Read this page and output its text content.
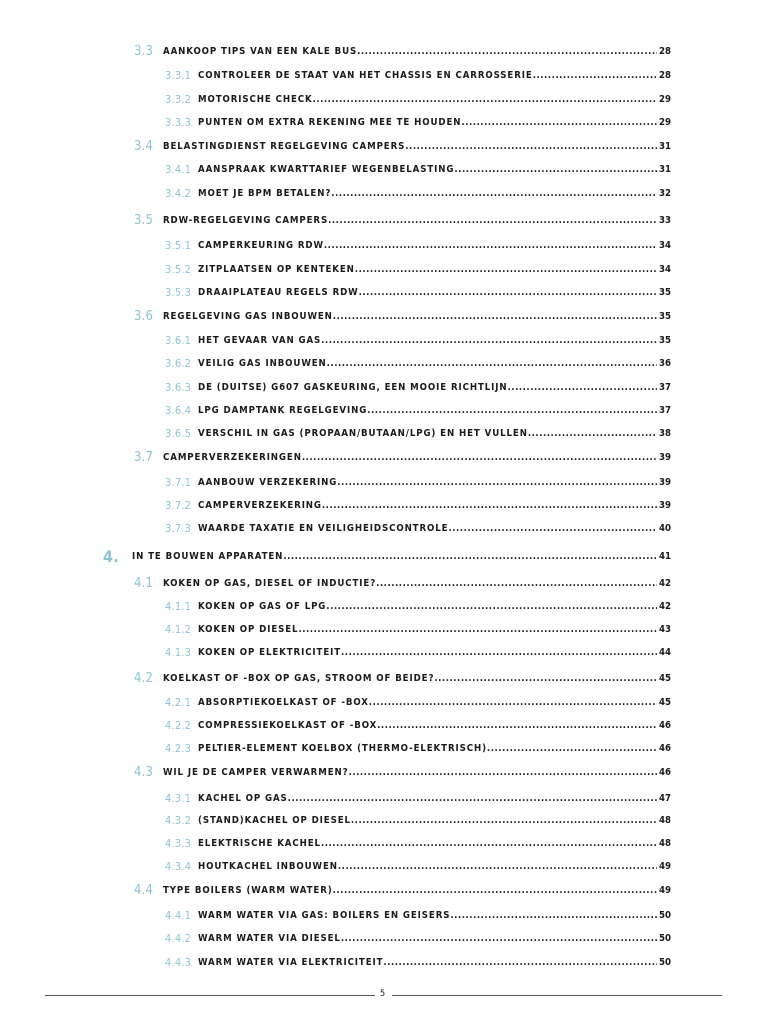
3.3 AANKOOP TIPS VAN EEN KALE BUS .....	28
3.3.1 CONTROLEER DE STAAT VAN HET CHASSIS EN CARROSSERIE .....	28
3.3.2 MOTORISCHE CHECK .....	29
3.3.3 PUNTEN OM EXTRA REKENING MEE TE HOUDEN .....	29
3.4 BELASTINGDIENST REGELGEVING CAMPERS .....	31
3.4.1 AANSPRAAK KWARTTARIEF WEGENBELASTING .....	31
3.4.2 MOET JE BPM BETALEN? .....	32
3.5 RDW-REGELGEVING CAMPERS .....	33
3.5.1 CAMPERKEURING RDW .....	34
3.5.2 ZITPLAATSEN OP KENTEKEN .....	34
3.5.3 DRAAIPLATEAU REGELS RDW .....	35
3.6 REGELGEVING GAS INBOUWEN .....	35
3.6.1 HET GEVAAR VAN GAS .....	35
3.6.2 VEILIG GAS INBOUWEN .....	36
3.6.3 DE (DUITSE) G607 GASKEURING, EEN MOOIE RICHTLIJN .....	37
3.6.4 LPG DAMPTANK REGELGEVING .....	37
3.6.5 VERSCHIL IN GAS (PROPAAN/BUTAAN/LPG) EN HET VULLEN .....	38
3.7 CAMPERVERZEKERINGEN .....	39
3.7.1 AANBOUW VERZEKERING .....	39
3.7.2 CAMPERVERZEKERING .....	39
3.7.3 WAARDE TAXATIE EN VEILIGHEIDSCONTROLE .....	40
4. IN TE BOUWEN APPARATEN .....	41
4.1 KOKEN OP GAS, DIESEL OF INDUCTIE? .....	42
4.1.1 KOKEN OP GAS OF LPG .....	42
4.1.2 KOKEN OP DIESEL .....	43
4.1.3 KOKEN OP ELEKTRICITEIT .....	44
4.2 KOELKAST OF -BOX OP GAS, STROOM OF BEIDE? .....	45
4.2.1 ABSORPTIEKOELKAST OF -BOX .....	45
4.2.2 COMPRESSIEKOELKAST OF -BOX .....	46
4.2.3 PELTIER-ELEMENT KOELBOX (THERMO-ELEKTRISCH) .....	46
4.3 WIL JE DE CAMPER VERWARMEN? .....	46
4.3.1 KACHEL OP GAS .....	47
4.3.2 (STAND)KACHEL OP DIESEL .....	48
4.3.3 ELEKTRISCHE KACHEL .....	48
4.3.4 HOUTKACHEL INBOUWEN .....	49
4.4 TYPE BOILERS (WARM WATER) .....	49
4.4.1 WARM WATER VIA GAS: BOILERS EN GEISERS .....	50
4.4.2 WARM WATER VIA DIESEL .....	50
4.4.3 WARM WATER VIA ELEKTRICITEIT .....	50
5
